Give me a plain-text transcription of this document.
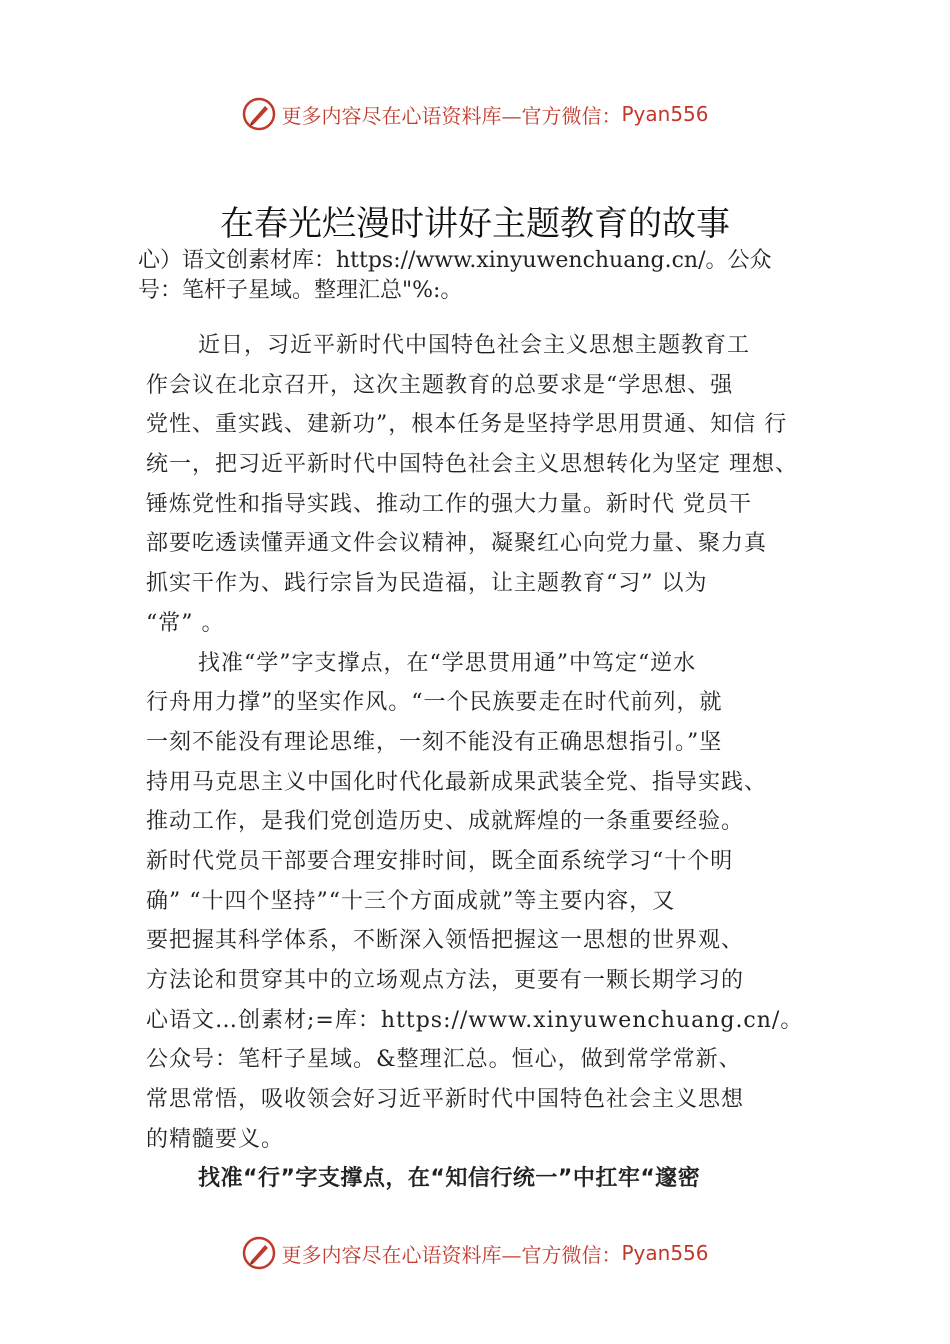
更多内容尽在心语资料库—官方微信： Pyan556
在春光烂漫时讲好主题教育的故事
心）语文创素材库：https://www.xinyuwenchuang.cn/。公众
号：笔杆子星域。整理汇总"%:。
近日，习近平新时代中国特色社会主义思想主题教育工
作会议在北京召开，这次主题教育的总要求是“学思想、强
党性、重实践、建新功”，根本任务是坚持学思用贯通、知信 行
统一，把习近平新时代中国特色社会主义思想转化为坚定 理想、
锤炼党性和指导实践、推动工作的强大力量。新时代 党员干
部要吃透读懂弄通文件会议精神，凝聚红心向党力量、聚力真
抓实干作为、践行宗旨为民造福，让主题教育“习” 以为
“常” 。
找准“学”字支撑点，在“学思贯用通”中笃定“逆水
行舟用力撑”的坚实作风。“一个民族要走在时代前列，就
一刻不能没有理论思维，一刻不能没有正确思想指引。”坚
持用马克思主义中国化时代化最新成果武装全党、指导实践、
推动工作，是我们党创造历史、成就辉煌的一条重要经验。
新时代党员干部要合理安排时间，既全面系统学习“十个明
确” “十四个坚持”“十三个方面成就”等主要内容，又
要把握其科学体系，不断深入领悟把握这一思想的世界观、
方法论和贯穿其中的立场观点方法，更要有一颗长期学习的
心语文…创素材;=库：https://www.xinyuwenchuang.cn/。
公众号：笔杆子星域。&整理汇总。恒心，做到常学常新、
常思常悟，吸收领会好习近平新时代中国特色社会主义思想
的精髓要义。
找准“行”字支撑点，在“知信行统一”中扛牢“邃密
更多内容尽在心语资料库—官方微信： Pyan556
